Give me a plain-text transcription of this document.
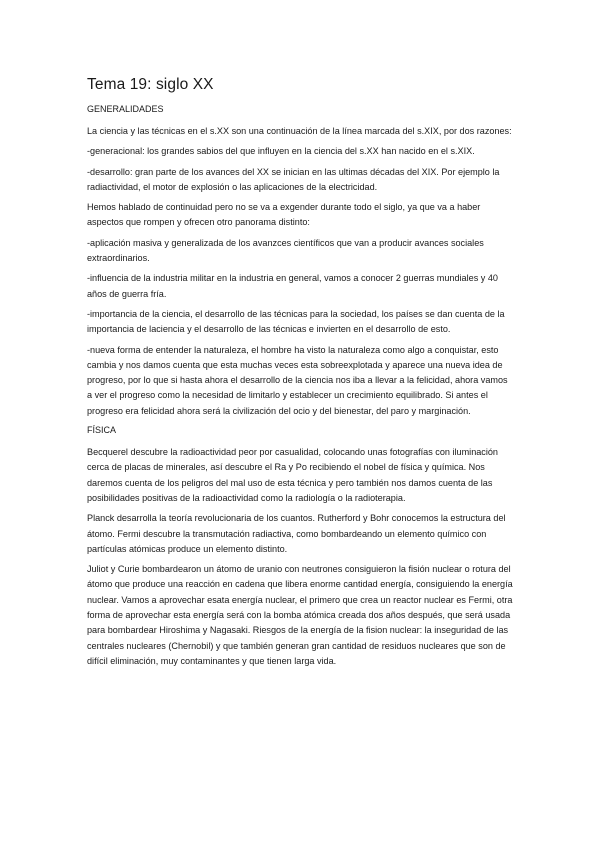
Tema 19: siglo XX
GENERALIDADES

La ciencia y las técnicas en el s.XX son una continuación de la línea marcada del s.XIX, por dos razones:

-generacional: los grandes sabios del que influyen en la ciencia del s.XX han nacido en el s.XIX.

-desarrollo: gran parte de los avances del XX se inician en las ultimas décadas del XIX. Por ejemplo la radiactividad, el motor de explosión o las aplicaciones de la electricidad.

Hemos hablado de continuidad pero no se va a exgender durante todo el siglo, ya que va a haber aspectos que rompen y ofrecen otro panorama distinto:

-aplicación masiva y generalizada de los avanzces científicos que van a producir avances sociales extraordinarios.

-influencia de la industria militar en la industria en general, vamos a conocer 2 guerras mundiales y 40 años de guerra fría.

-importancia de la ciencia, el desarrollo de las técnicas para la sociedad, los países se dan cuenta de la importancia de laciencia y el desarrollo de las técnicas e invierten en el desarrollo de esto.

-nueva forma de entender la naturaleza, el hombre ha visto la naturaleza como algo a conquistar, esto cambia y nos damos cuenta que esta muchas veces esta sobreexplotada y aparece una nueva idea de progreso, por lo que si hasta ahora el desarrollo de la ciencia nos iba a llevar a la felicidad, ahora vamos a ver el progreso como la necesidad de limitarlo y establecer un crecimiento equilibrado. Si antes el progreso era felicidad ahora será la civilización del ocio y del bienestar, del paro y marginación.

FÍSICA

Becquerel descubre la radioactividad peor por casualidad, colocando unas fotografías con iluminación cerca de placas de minerales, así descubre el Ra y Po recibiendo el nobel de física y química. Nos daremos cuenta de los peligros del mal uso de esta técnica y pero también nos damos cuenta de las posibilidades positivas de la radioactividad como la radiología o la radioterapia.

Planck desarrolla la teoría revolucionaria de los cuantos. Rutherford y Bohr conocemos la estructura del átomo. Fermi descubre la transmutación radiactiva, como bombardeando un elemento químico con partículas atómicas produce un elemento distinto.

Juliot y Curie bombardearon un átomo de uranio con neutrones consiguieron la fisión nuclear o rotura del átomo que produce una reacción en cadena que libera enorme cantidad energía, consiguiendo la energía nuclear. Vamos a aprovechar esata energía nuclear, el primero que crea un reactor nuclear es Fermi, otra forma de aprovechar esta energía será con la bomba atómica creada dos años después, que será usada para bombardear Hiroshima y Nagasaki. Riesgos de la energía de la fision nuclear: la inseguridad de las centrales nucleares (Chernobil) y que también generan gran cantidad de residuos nucleares que son de difícil eliminación, muy contaminantes y que tienen larga vida.
